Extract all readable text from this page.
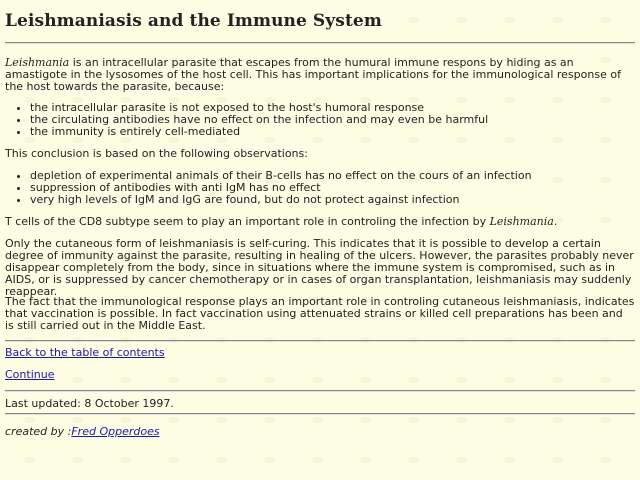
Leishmaniasis and the Immune System

Leishmania is an intracellular parasite that escapes from the humural immune respons by hiding as an amastigote in the lysosomes of the host cell. This has important implications for the immunological response of the host towards the parasite, because:

• the intracellular parasite is not exposed to the host's humoral response
• the circulating antibodies have no effect on the infection and may even be harmful
• the immunity is entirely cell-mediated

This conclusion is based on the following observations:

• depletion of experimental animals of their B-cells has no effect on the cours of an infection
• suppression of antibodies with anti IgM has no effect
• very high levels of IgM and IgG are found, but do not protect against infection

T cells of the CD8 subtype seem to play an important role in controling the infection by Leishmania.

Only the cutaneous form of leishmaniasis is self-curing. This indicates that it is possible to develop a certain degree of immunity against the parasite, resulting in healing of the ulcers. However, the parasites probably never disappear completely from the body, since in situations where the immune system is compromised, such as in AIDS, or is suppressed by cancer chemotherapy or in cases of organ transplantation, leishmaniasis may suddenly reappear.

The fact that the immunological response plays an important role in controling cutaneous leishmaniasis, indicates that vaccination is possible. In fact vaccination using attenuated strains or killed cell preparations has been and is still carried out in the Middle East.

Back to the table of contents

Continue

Last updated: 8 October 1997.

created by :Fred Opperdoes
